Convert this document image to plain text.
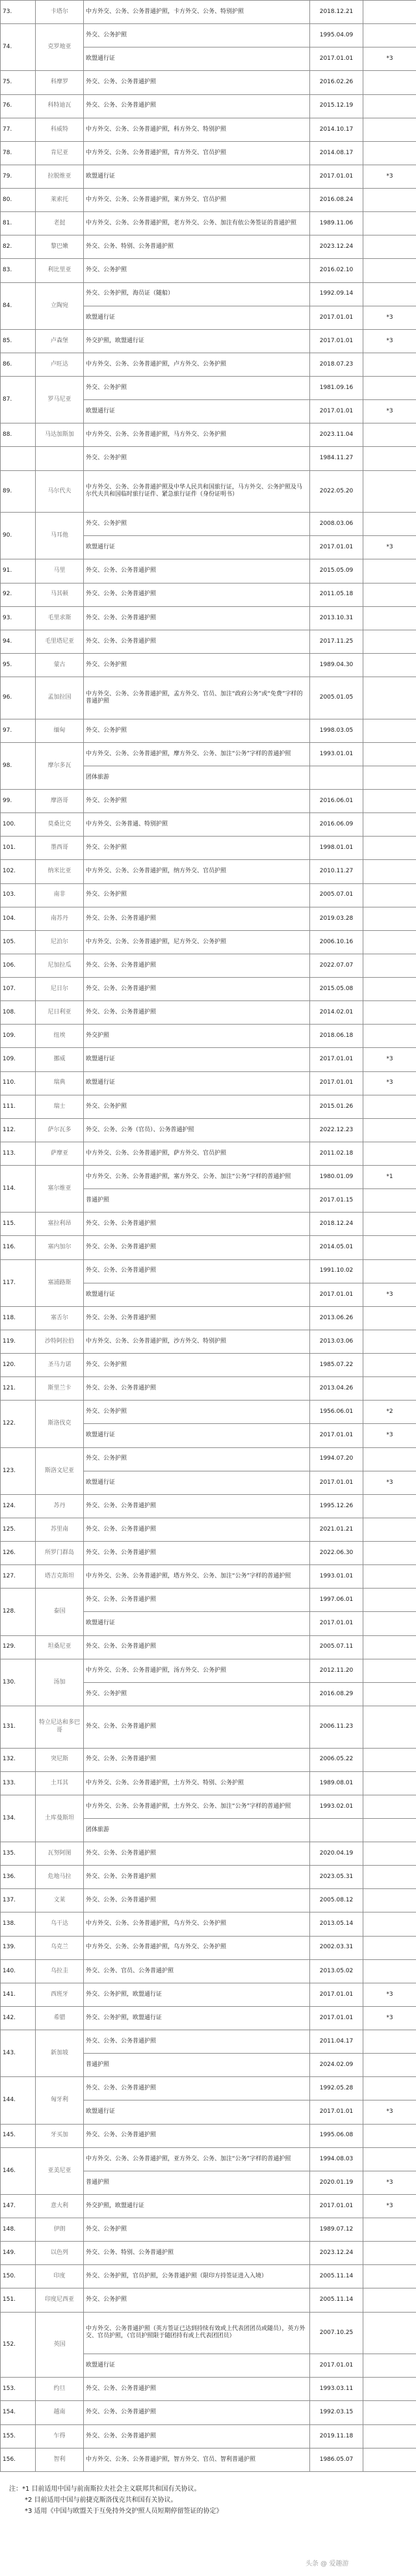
73.	卡塔尔	中方外交、公务、公务普通护照，卡方外交、公务、特别护照	2018.12.21	
74.	克罗地亚	外交、公务护照	1995.04.09	
		欧盟通行证	2017.01.01	*3
75.	科摩罗	外交、公务、公务普通护照	2016.02.26	
76.	科特迪瓦	外交、公务、公务普通护照	2015.12.19	
77.	科威特	中方外交、公务、公务普通护照，科方外交、特别护照	2014.10.17	
78.	肯尼亚	中方外交、公务、公务普通护照，肯方外交、官员护照	2014.08.17	
79.	拉脱维亚	欧盟通行证	2017.01.01	*3
80.	莱索托	中方外交、公务、公务普通护照，莱方外交、官员护照	2016.08.24	
81.	老挝	中方外交、公务、公务普通护照，老方外交、公务、加注有依公务签证的普通护照	1989.11.06	
82.	黎巴嫩	外交、公务、特别、公务普通护照	2023.12.24	
83.	利比里亚	外交、公务护照	2016.02.10	
84.	立陶宛	外交、公务护照，海员证（随船）	1992.09.14	
		欧盟通行证	2017.01.01	*3
85.	卢森堡	外交护照，欧盟通行证	2017.01.01	*3
86.	卢旺达	中方外交、公务、公务普通护照，卢方外交、公务护照	2018.07.23	
87.	罗马尼亚	外交、公务护照	1981.09.16	
		欧盟通行证	2017.01.01	*3
88.	马达加斯加	中方外交、公务、公务普通护照，马方外交、公务护照	2023.11.04	
		外交、公务护照	1984.11.27	
89.	马尔代夫	中方外交、公务、公务普通护照及中华人民共和国旅行证，马方外交、公务护照及马尔代夫共和国临时旅行证件、紧急旅行证件（身份证明书）	2022.05.20	
90.	马耳他	外交、公务护照	2008.03.06	
		欧盟通行证	2017.01.01	*3
91.	马里	外交、公务、公务普通护照	2015.05.09	
92.	马其顿	外交、公务、公务普通护照	2011.05.18	
93.	毛里求斯	外交、公务、公务普通护照	2013.10.31	
94.	毛里塔尼亚	外交、公务、公务普通护照	2017.11.25	
95.	蒙古	外交、公务护照	1989.04.30	
96.	孟加拉国	中方外交、公务、公务普通护照，孟方外交、官员、加注“政府公务”或“免费”字样的普通护照	2005.01.05	
97.	缅甸	外交、公务护照	1998.03.05	
98.	摩尔多瓦	中方外交、公务、公务普通护照，摩方外交、公务、加注“公务”字样的普通护照	1993.01.01	
		团体旅游		
99.	摩洛哥	外交、公务护照	2016.06.01	
100.	莫桑比克	中方外交、公务普通、特别护照	2016.06.09	
101.	墨西哥	外交、公务护照	1998.01.01	
102.	纳米比亚	中方外交、公务、公务普通护照，纳方外交、官员护照	2010.11.27	
103.	南非	外交、公务护照	2005.07.01	
104.	南苏丹	外交、公务、公务普通护照	2019.03.28	
105.	尼泊尔	中方外交、公务、公务普通护照，尼方外交、公务护照	2006.10.16	
106.	尼加拉瓜	外交、公务、公务普通护照	2022.07.07	
107.	尼日尔	外交、公务、公务普通护照	2015.05.08	
108.	尼日利亚	外交、公务、公务普通护照	2014.02.01	
109.	纽埃	外交护照	2018.06.18	
109.	挪威	欧盟通行证	2017.01.01	*3
110.	瑞典	欧盟通行证	2017.01.01	*3
111.	瑞士	外交、公务护照	2015.01.26	
112.	萨尔瓦多	外交、公务、公务（官员）、公务普通护照	2022.12.23	
113.	萨摩亚	中方外交、公务、公务普通护照，萨方外交、官员护照	2011.02.18	
114.	塞尔维亚	中方外交、公务、公务普通护照，塞方外交、公务、加注“公务”字样的普通护照	1980.01.09	*1
		普通护照	2017.01.15	
115.	塞拉利昂	外交、公务、公务普通护照	2018.12.24	
116.	塞内加尔	外交、公务、公务普通护照	2014.05.01	
117.	塞浦路斯	外交、公务、公务普通护照	1991.10.02	
		欧盟通行证	2017.01.01	*3
118.	塞舌尔	外交、公务、公务普通护照	2013.06.26	
119.	沙特阿拉伯	中方外交、公务、公务普通护照，沙方外交、特别护照	2013.03.06	
120.	圣马力诺	外交、公务护照	1985.07.22	
121.	斯里兰卡	外交、公务、公务普通护照	2013.04.26	
122.	斯洛伐克	外交、公务护照	1956.06.01	*2
		欧盟通行证	2017.01.01	*3
123.	斯洛文尼亚	外交、公务护照	1994.07.20	
		欧盟通行证	2017.01.01	*3
124.	苏丹	外交、公务、公务普通护照	1995.12.26	
125.	苏里南	外交、公务、公务普通护照	2021.01.21	
126.	所罗门群岛	外交、公务、公务普通护照	2022.06.30	
127.	塔吉克斯坦	中方外交、公务、公务普通护照，塔方外交、公务、加注“公务”字样的普通护照	1993.01.01	
128.	泰国	外交、公务、公务普通护照	1997.06.01	
		欧盟通行证	2017.01.01	
129.	坦桑尼亚	外交、公务、公务普通护照	2005.07.11	
130.	汤加	中方外交、公务、公务普通护照，汤方外交、公务护照	2012.11.20	
		外交、公务护照	2016.08.29	
131.	特立尼达和多巴哥	外交、公务、公务普通护照	2006.11.23	
132.	突尼斯	外交、公务、公务普通护照	2006.05.22	
133.	土耳其	中方外交、公务、公务普通护照，土方外交、特别、公务护照	1989.08.01	
134.	土库曼斯坦	中方外交、公务、公务普通护照，土方外交、公务、加注“公务”字样的普通护照	1993.02.01	
		团体旅游		
135.	瓦努阿图	外交、公务、公务普通护照	2020.04.19	
136.	危地马拉	外交、公务、公务普通护照	2023.05.31	
137.	文莱	外交、公务、公务普通护照	2005.08.12	
138.	乌干达	中方外交、公务、公务普通护照，乌方外交、公务护照	2013.05.14	
139.	乌克兰	中方外交、公务、公务普通护照，乌方外交、公务护照	2002.03.31	
140.	乌拉圭	外交、公务、官员、公务普通护照	2013.05.02	
141.	西班牙	外交、公务护照，欧盟通行证	2017.01.01	*3
142.	希腊	外交、公务护照，欧盟通行证	2017.01.01	*3
143.	新加坡	外交、公务、公务普通护照	2011.04.17	
		普通护照	2024.02.09	
144.	匈牙利	外交、公务、公务普通护照	1992.05.28	
		欧盟通行证	2017.01.01	*3
145.	牙买加	外交、公务、公务普通护照	1995.06.08	
146.	亚美尼亚	中方外交、公务、公务普通护照，亚方外交、公务、加注“公务”字样的普通护照	1994.08.03	
		普通护照	2020.01.19	*3
147.	意大利	外交护照，欧盟通行证	2017.01.01	*3
148.	伊朗	外交、公务护照	1989.07.12	
149.	以色列	外交、公务、特别、公务普通护照	2023.12.24	
150.	印度	外交、公务护照，官员护照，公务普通护照（限印方持签证进入入境）	2005.11.14	
151.	印度尼西亚	外交、公务护照	2005.11.14	
152.	英国	中方外交、公务普通护照（英方签证已达到持续有效或上代表团团员或随员），英方外交、官员护照，（官员护照限于随团持有或上代表团团员）	2007.10.25	
		欧盟通行证	2017.01.01	
153.	约旦	外交、公务、公务普通护照	1993.03.11	
154.	越南	外交、公务、公务普通护照	1992.03.15	
155.	乍得	外交、公务、公务普通护照	2019.11.18	
156.	智利	中方外交、公务、公务普通护照，智方外交、官员、智利普通护照	1986.05.07	
注：*1 目前适用中国与前南斯拉夫社会主义联邦共和国有关协议。
*2 目前适用中国与前捷克斯洛伐克共和国有关协议。
*3 适用《中国与欧盟关于互免持外交护照人员短期停留签证的协定》
头条 @ 爱趣游
